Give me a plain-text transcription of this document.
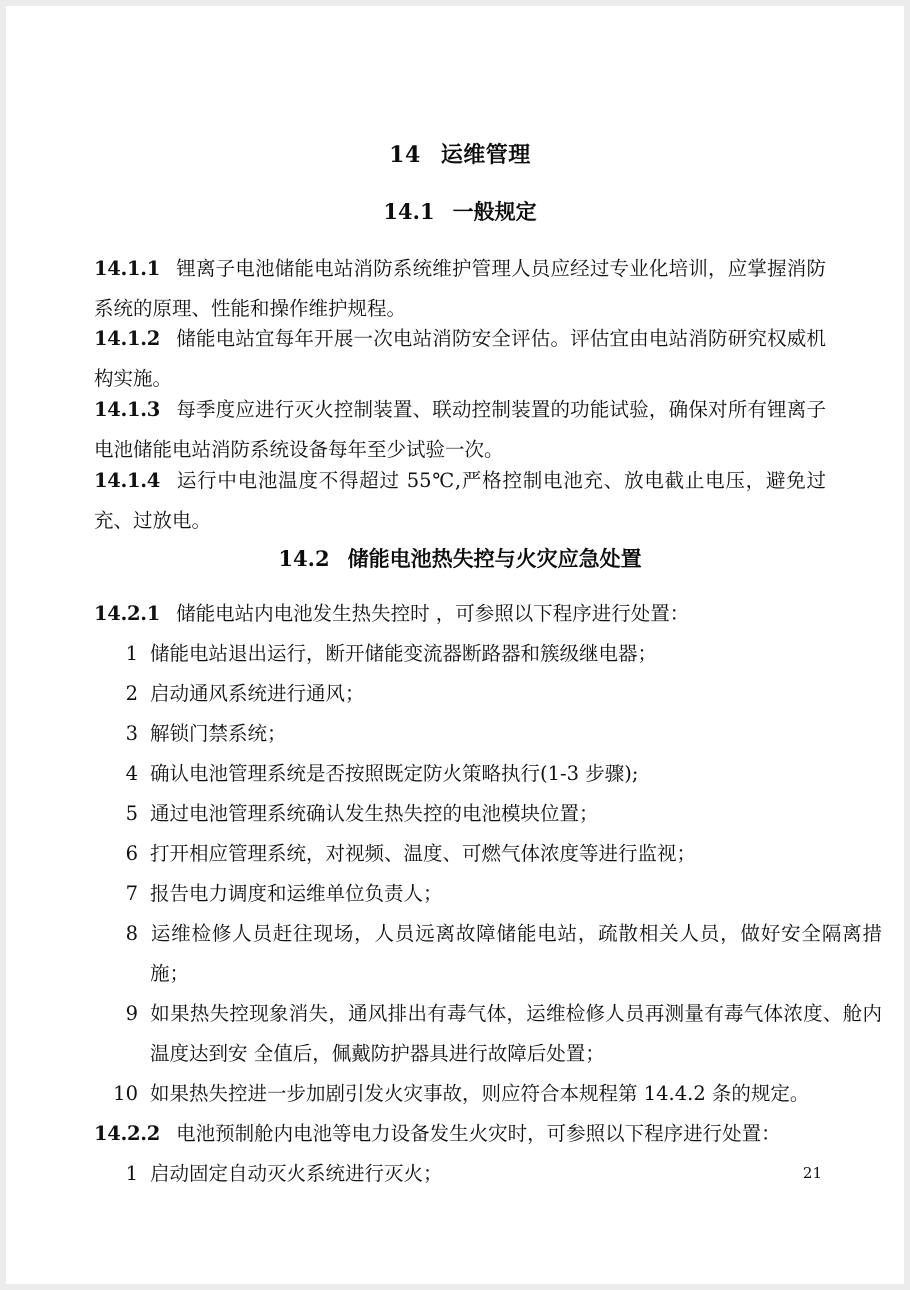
14 运维管理
14.1 一般规定
14.1.1 锂离子电池储能电站消防系统维护管理人员应经过专业化培训，应掌握消防系统的原理、性能和操作维护规程。
14.1.2 储能电站宜每年开展一次电站消防安全评估。评估宜由电站消防研究权威机构实施。
14.1.3 每季度应进行灭火控制装置、联动控制装置的功能试验，确保对所有锂离子电池储能电站消防系统设备每年至少试验一次。
14.1.4 运行中电池温度不得超过 55℃,严格控制电池充、放电截止电压，避免过充、过放电。
14.2 储能电池热失控与火灾应急处置
14.2.1 储能电站内电池发生热失控时 ，可参照以下程序进行处置：
1 储能电站退出运行，断开储能变流器断路器和簇级继电器；
2 启动通风系统进行通风；
3 解锁门禁系统；
4 确认电池管理系统是否按照既定防火策略执行(1-3 步骤);
5 通过电池管理系统确认发生热失控的电池模块位置；
6 打开相应管理系统，对视频、温度、可燃气体浓度等进行监视；
7 报告电力调度和运维单位负责人；
8 运维检修人员赶往现场，人员远离故障储能电站，疏散相关人员，做好安全隔离措施；
9 如果热失控现象消失，通风排出有毒气体，运维检修人员再测量有毒气体浓度、舱内温度达到安 全值后，佩戴防护器具进行故障后处置；
10 如果热失控进一步加剧引发火灾事故，则应符合本规程第 14.4.2 条的规定。
14.2.2 电池预制舱内电池等电力设备发生火灾时，可参照以下程序进行处置：
1 启动固定自动灭火系统进行灭火；	21
